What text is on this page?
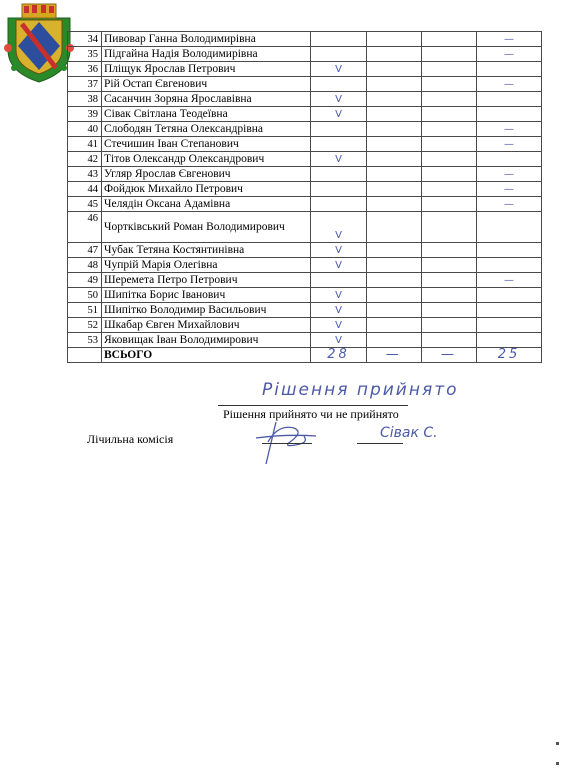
34	Пивовар Ганна Володимирівна				—
35	Підгайна Надія Володимирівна				—
36	Пліщук Ярослав Петрович	V			
37	Рій Остап Євгенович				—
38	Сасанчин Зоряна Ярославівна	V			
39	Сівак Світлана Теодеївна	V			
40	Слободян Тетяна Олександрівна				—
41	Стечишин Іван Степанович				—
42	Тітов Олександр Олександрович	V			
43	Угляр Ярослав Євгенович				—
44	Фойдюк Михайло Петрович				—
45	Челядін Оксана Адамівна				—
46	Чортківський Роман Володимирович	V			
47	Чубак Тетяна Костянтинівна	V			
48	Чупрій Марія Олегівна	V			
49	Шеремета Петро Петрович				—
50	Шипітка Борис Іванович	V			
51	Шипітко Володимир Васильович	V			
52	Шкабар Євген Михайлович	V			
53	Яковищак Іван Володимирович	V			
	ВСЬОГО	28	—	—	25
Рішення прийнято
Рішення прийнято чи не прийнято
Лічильна комісія	Сівак С.
